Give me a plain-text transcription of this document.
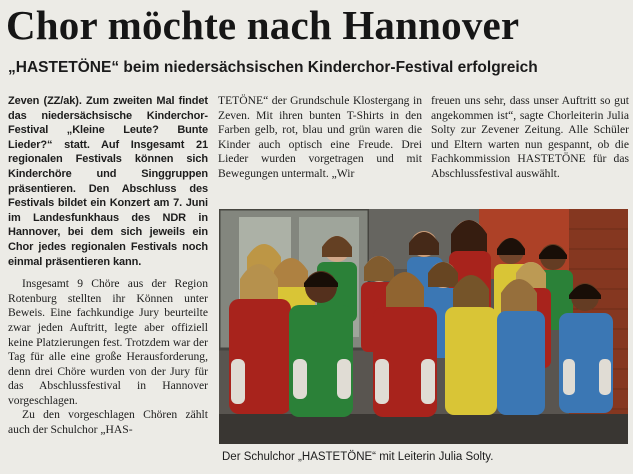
Chor möchte nach Hannover
„HASTETÖNE“ beim niedersächsischen Kinderchor-Festival erfolgreich

Zeven (ZZ/ak). Zum zweiten Mal findet das niedersächsische Kinderchor-Festival „Kleine Leute? Bunte Lieder?“ statt. Auf Insgesamt 21 regionalen Festivals können sich Kinderchöre und Singgruppen präsentieren. Den Abschluss des Festivals bildet ein Konzert am 7. Juni im Landesfunkhaus des NDR in Hannover, bei dem sich jeweils ein Chor jedes regionalen Festivals noch einmal präsentieren kann.

Insgesamt 9 Chöre aus der Region Rotenburg stellten ihr Können unter Beweis. Eine fachkundige Jury beurteilte zwar jeden Auftritt, legte aber offiziell keine Platzierungen fest. Trotzdem war der Tag für alle eine große Herausforderung, denn drei Chöre wurden von der Jury für das Abschlussfestival in Hannover vorgeschlagen.

Zu den vorgeschlagen Chören zählt auch der Schulchor „HAS-

TETÖNE“ der Grundschule Klostergang in Zeven. Mit ihren bunten T-Shirts in den Farben gelb, rot, blau und grün waren die Kinder auch optisch eine Freude. Drei Lieder wurden vorgetragen und mit Bewegungen untermalt. „Wir

freuen uns sehr, dass unser Auftritt so gut angekommen ist“, sagte Chorleiterin Julia Solty zur Zevener Zeitung. Alle Schüler und Eltern warten nun gespannt, ob die Fachkommission HASTETÖNE für das Abschlussfestival auswählt.

Der Schulchor „HASTETÖNE“ mit Leiterin Julia Solty.
